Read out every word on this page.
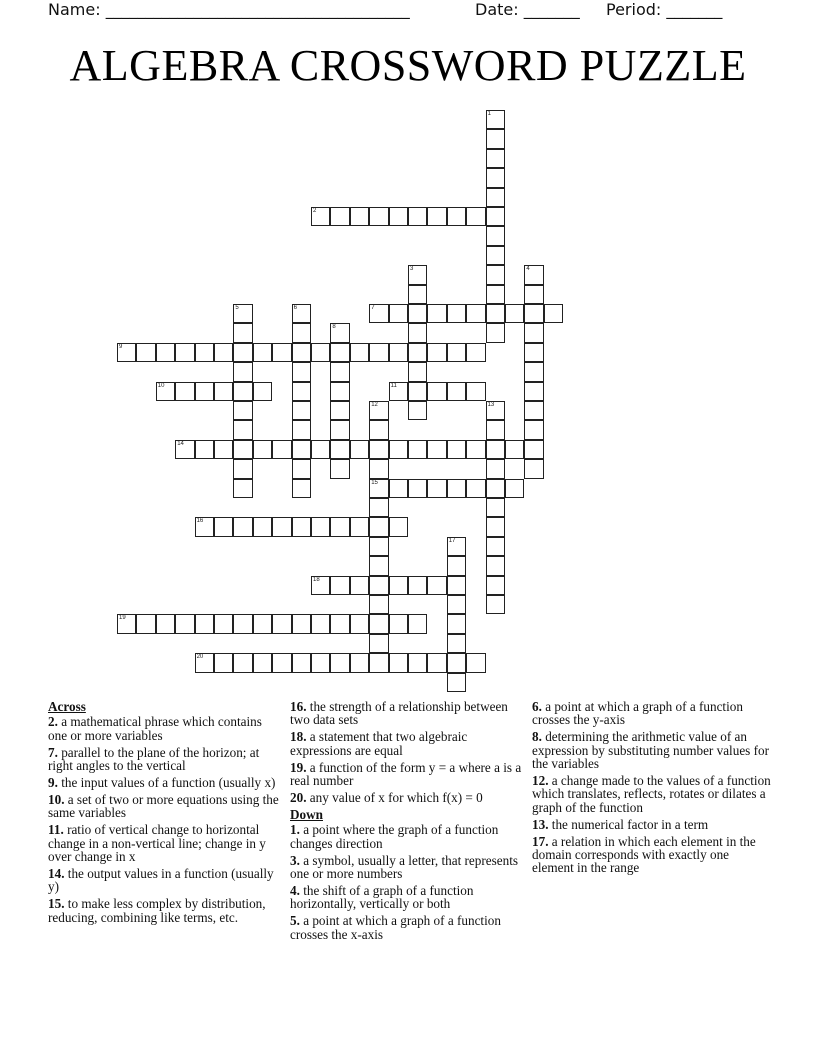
Name: ______________________________________	Date: _______ Period: _______
ALGEBRA CROSSWORD PUZZLE
1
2
3	4
5	6	7
8
9
10	11
12
15
13
14
16
17
18
19
20
Across
2. a mathematical phrase which contains one or more variables
7. parallel to the plane of the horizon; at right angles to the vertical
9. the input values of a function (usually x)
10. a set of two or more equations using the same variables
11. ratio of vertical change to horizontal change in a non-vertical line; change in y over change in x
14. the output values in a function (usually y)
15. to make less complex by distribution, reducing, combining like terms, etc.
16. the strength of a relationship between two data sets
18. a statement that two algebraic expressions are equal
19. a function of the form y = a where a is a real number
20. any value of x for which f(x) = 0
Down
1. a point where the graph of a function changes direction
3. a symbol, usually a letter, that represents one or more numbers
4. the shift of a graph of a function horizontally, vertically or both
5. a point at which a graph of a function crosses the x-axis
6. a point at which a graph of a function crosses the y-axis
8. determining the arithmetic value of an expression by substituting number values for the variables
12. a change made to the values of a function which translates, reflects, rotates or dilates a graph of the function
13. the numerical factor in a term
17. a relation in which each element in the domain corresponds with exactly one element in the range
